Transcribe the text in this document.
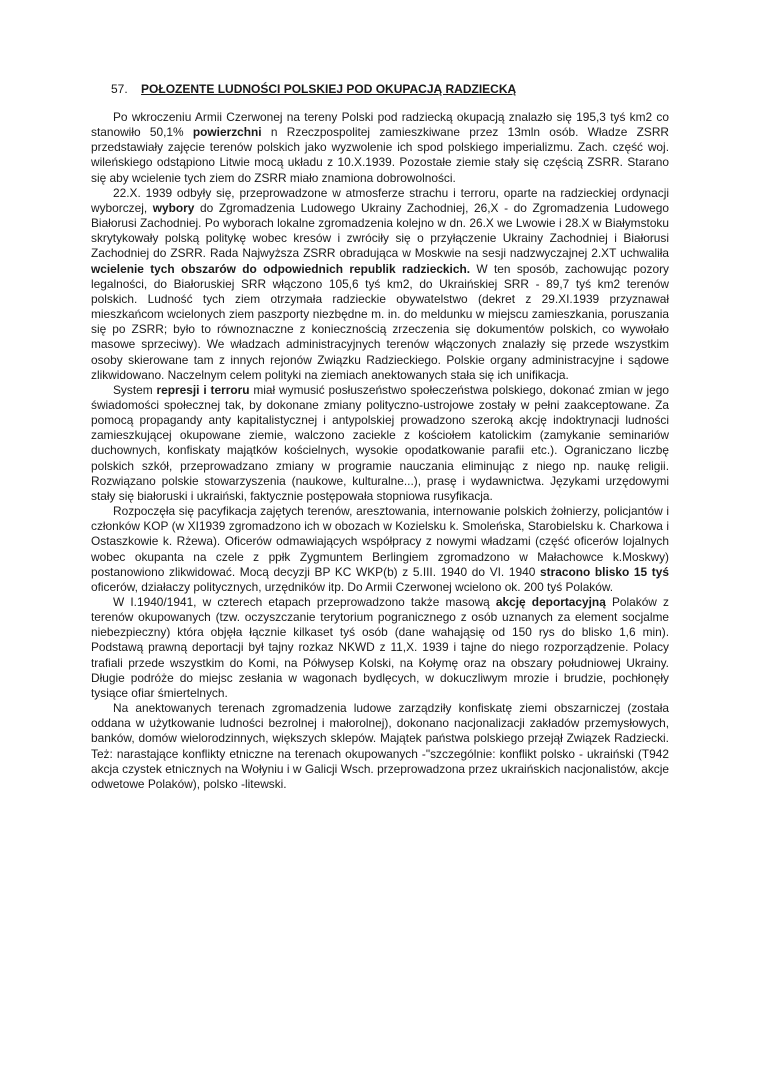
57. POŁOZENTE LUDNOŚCI POLSKIEJ POD OKUPACJĄ RADZIECKĄ

Po wkroczeniu Armii Czerwonej na tereny Polski pod radziecką okupacją znalazło się 195,3 tyś km2 co stanowiło 50,1% powierzchni n Rzeczpospolitej zamieszkiwane przez 13mln osób. Władze ZSRR przedstawiały zajęcie terenów polskich jako wyzwolenie ich spod polskiego imperializmu. Zach. część woj. wileńskiego odstąpiono Litwie mocą układu z 10.X.1939. Pozostałe ziemie stały się częścią ZSRR. Starano się aby wcielenie tych ziem do ZSRR miało znamiona dobrowolności.

22.X. 1939 odbyły się, przeprowadzone w atmosferze strachu i terroru, oparte na radzieckiej ordynacji wyborczej, wybory do Zgromadzenia Ludowego Ukrainy Zachodniej, 26,X - do Zgromadzenia Ludowego Białorusi Zachodniej. Po wyborach lokalne zgromadzenia kolejno w dn. 26.X we Lwowie i 28.X w Białymstoku skrytykowały polską politykę wobec kresów i zwróciły się o przyłączenie Ukrainy Zachodniej i Białorusi Zachodniej do ZSRR. Rada Najwyższa ZSRR obradująca w Moskwie na sesji nadzwyczajnej 2.XT uchwaliła wcielenie tych obszarów do odpowiednich republik radzieckich. W ten sposób, zachowując pozory legalności, do Białoruskiej SRR włączono 105,6 tyś km2, do Ukraińskiej SRR - 89,7 tyś km2 terenów polskich. Ludność tych ziem otrzymała radzieckie obywatelstwo (dekret z 29.XI.1939 przyznawał mieszkańcom wcielonych ziem paszporty niezbędne m. in. do meldunku w miejscu zamieszkania, poruszania się po ZSRR; było to równoznaczne z koniecznością zrzeczenia się dokumentów polskich, co wywołało masowe sprzeciwy). We władzach administracyjnych terenów włączonych znalazły się przede wszystkim osoby skierowane tam z innych rejonów Związku Radzieckiego. Polskie organy administracyjne i sądowe zlikwidowano. Naczelnym celem polityki na ziemiach anektowanych stała się ich unifikacja.

System represji i terroru miał wymusić posłuszeństwo społeczeństwa polskiego, dokonać zmian w jego świadomości społecznej tak, by dokonane zmiany polityczno-ustrojowe zostały w pełni zaakceptowane. Za pomocą propagandy anty kapitalistycznej i antypolskiej prowadzono szeroką akcję indoktrynacji ludności zamieszkującej okupowane ziemie, walczono zaciekle z kościołem katolickim (zamykanie seminariów duchownych, konfiskaty majątków kościelnych, wysokie opodatkowanie parafii etc.). Ograniczano liczbę polskich szkół, przeprowadzano zmiany w programie nauczania eliminując z niego np. naukę religii. Rozwiązano polskie stowarzyszenia (naukowe, kulturalne...), prasę i wydawnictwa. Językami urzędowymi stały się białoruski i ukraiński, faktycznie postępowała stopniowa rusyfikacja.

Rozpoczęła się pacyfikacja zajętych terenów, aresztowania, internowanie polskich żołnierzy, policjantów i członków KOP (w XI1939 zgromadzono ich w obozach w Kozielsku k. Smoleńska, Starobielsku k. Charkowa i Ostaszkowie k. Rżewa). Oficerów odmawiających współpracy z nowymi władzami (część oficerów lojalnych wobec okupanta na czele z ppłk Zygmuntem Berlingiem zgromadzono w Małachowce k.Moskwy) postanowiono zlikwidować. Mocą decyzji BP KC WKP(b) z 5.III. 1940 do VI. 1940 stracono blisko 15 tyś oficerów, działaczy politycznych, urzędników itp. Do Armii Czerwonej wcielono ok. 200 tyś Polaków.

W I.1940/1941, w czterech etapach przeprowadzono także masową akcję deportacyjną Polaków z terenów okupowanych (tzw. oczyszczanie terytorium pogranicznego z osób uznanych za element socjalme niebezpieczny) która objęła łącznie kilkaset tyś osób (dane wahająsię od 150 rys do blisko 1,6 min). Podstawą prawną deportacji był tajny rozkaz NKWD z 11,X. 1939 i tajne do niego rozporządzenie. Polacy trafiali przede wszystkim do Komi, na Półwysep Kolski, na Kołymę oraz na obszary południowej Ukrainy. Długie podróże do miejsc zesłania w wagonach bydlęcych, w dokuczliwym mrozie i brudzie, pochłonęły tysiące ofiar śmiertelnych.

Na anektowanych terenach zgromadzenia ludowe zarządziły konfiskatę ziemi obszarniczej (została oddana w użytkowanie ludności bezrolnej i małorolnej), dokonano nacjonalizacji zakładów przemysłowych, banków, domów wielorodzinnych, większych sklepów. Majątek państwa polskiego przejął Związek Radziecki. Też: narastające konflikty etniczne na terenach okupowanych -"szczególnie: konflikt polsko - ukraiński (T942 akcja czystek etnicznych na Wołyniu i w Galicji Wsch. przeprowadzona przez ukraińskich nacjonalistów, akcje odwetowe Polaków), polsko -litewski.
